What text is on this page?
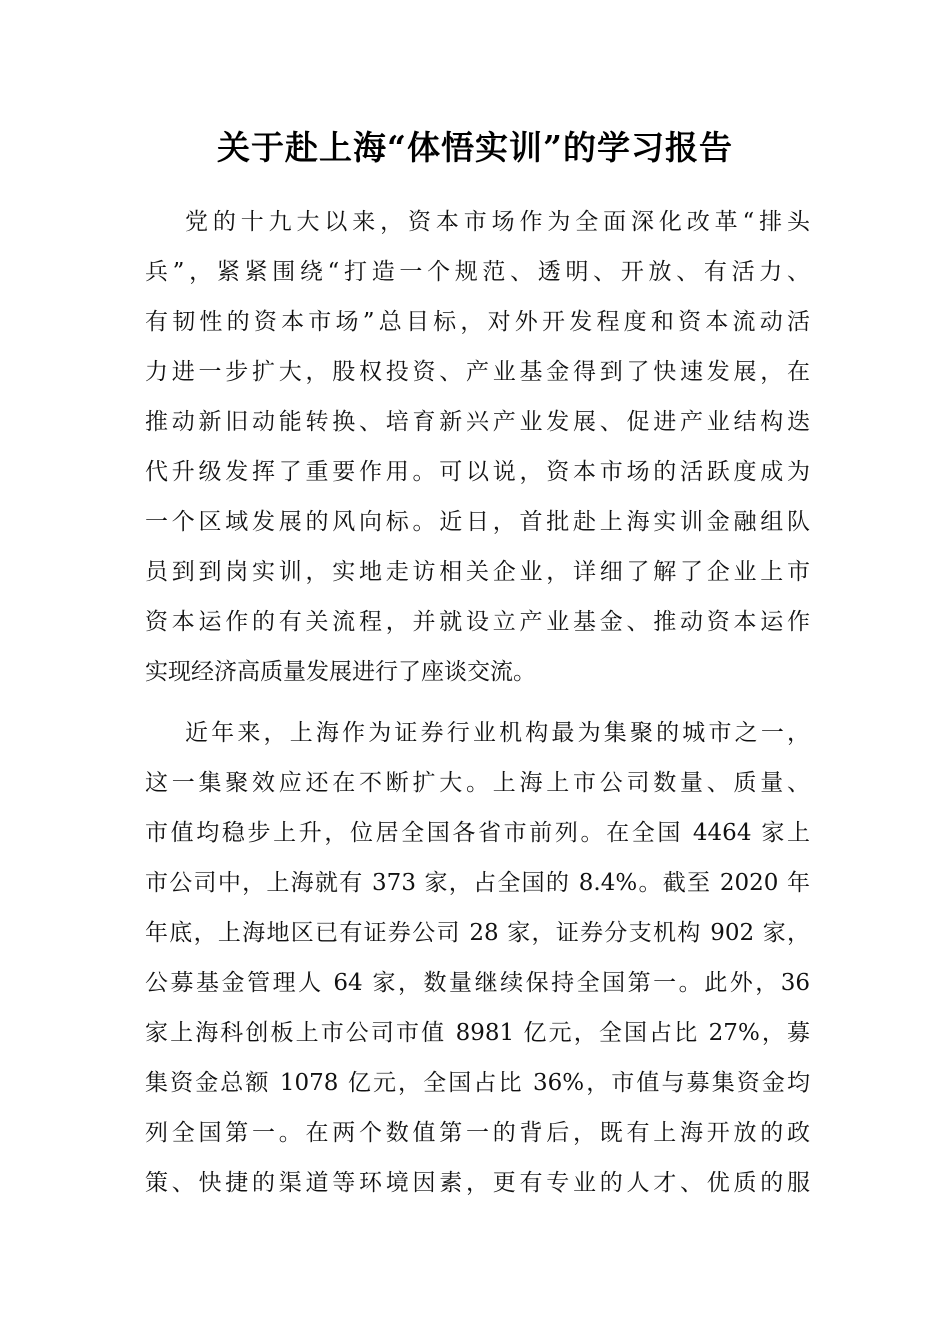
关于赴上海“体悟实训”的学习报告
党的十九大以来，资本市场作为全面深化改革“排头
兵”，紧紧围绕“打造一个规范、透明、开放、有活力、
有韧性的资本市场”总目标，对外开发程度和资本流动活
力进一步扩大，股权投资、产业基金得到了快速发展，在
推动新旧动能转换、培育新兴产业发展、促进产业结构迭
代升级发挥了重要作用。可以说，资本市场的活跃度成为
一个区域发展的风向标。近日，首批赴上海实训金融组队
员到到岗实训，实地走访相关企业，详细了解了企业上市
资本运作的有关流程，并就设立产业基金、推动资本运作
实现经济高质量发展进行了座谈交流。
近年来，上海作为证券行业机构最为集聚的城市之一，
这一集聚效应还在不断扩大。上海上市公司数量、质量、
市值均稳步上升，位居全国各省市前列。在全国 4464 家上
市公司中，上海就有 373 家，占全国的 8.4%。截至 2020 年
年底，上海地区已有证券公司 28 家，证券分支机构 902 家，
公募基金管理人 64 家，数量继续保持全国第一。此外，36
家上海科创板上市公司市值 8981 亿元，全国占比 27%，募
集资金总额 1078 亿元，全国占比 36%，市值与募集资金均
列全国第一。在两个数值第一的背后，既有上海开放的政
策、快捷的渠道等环境因素，更有专业的人才、优质的服
